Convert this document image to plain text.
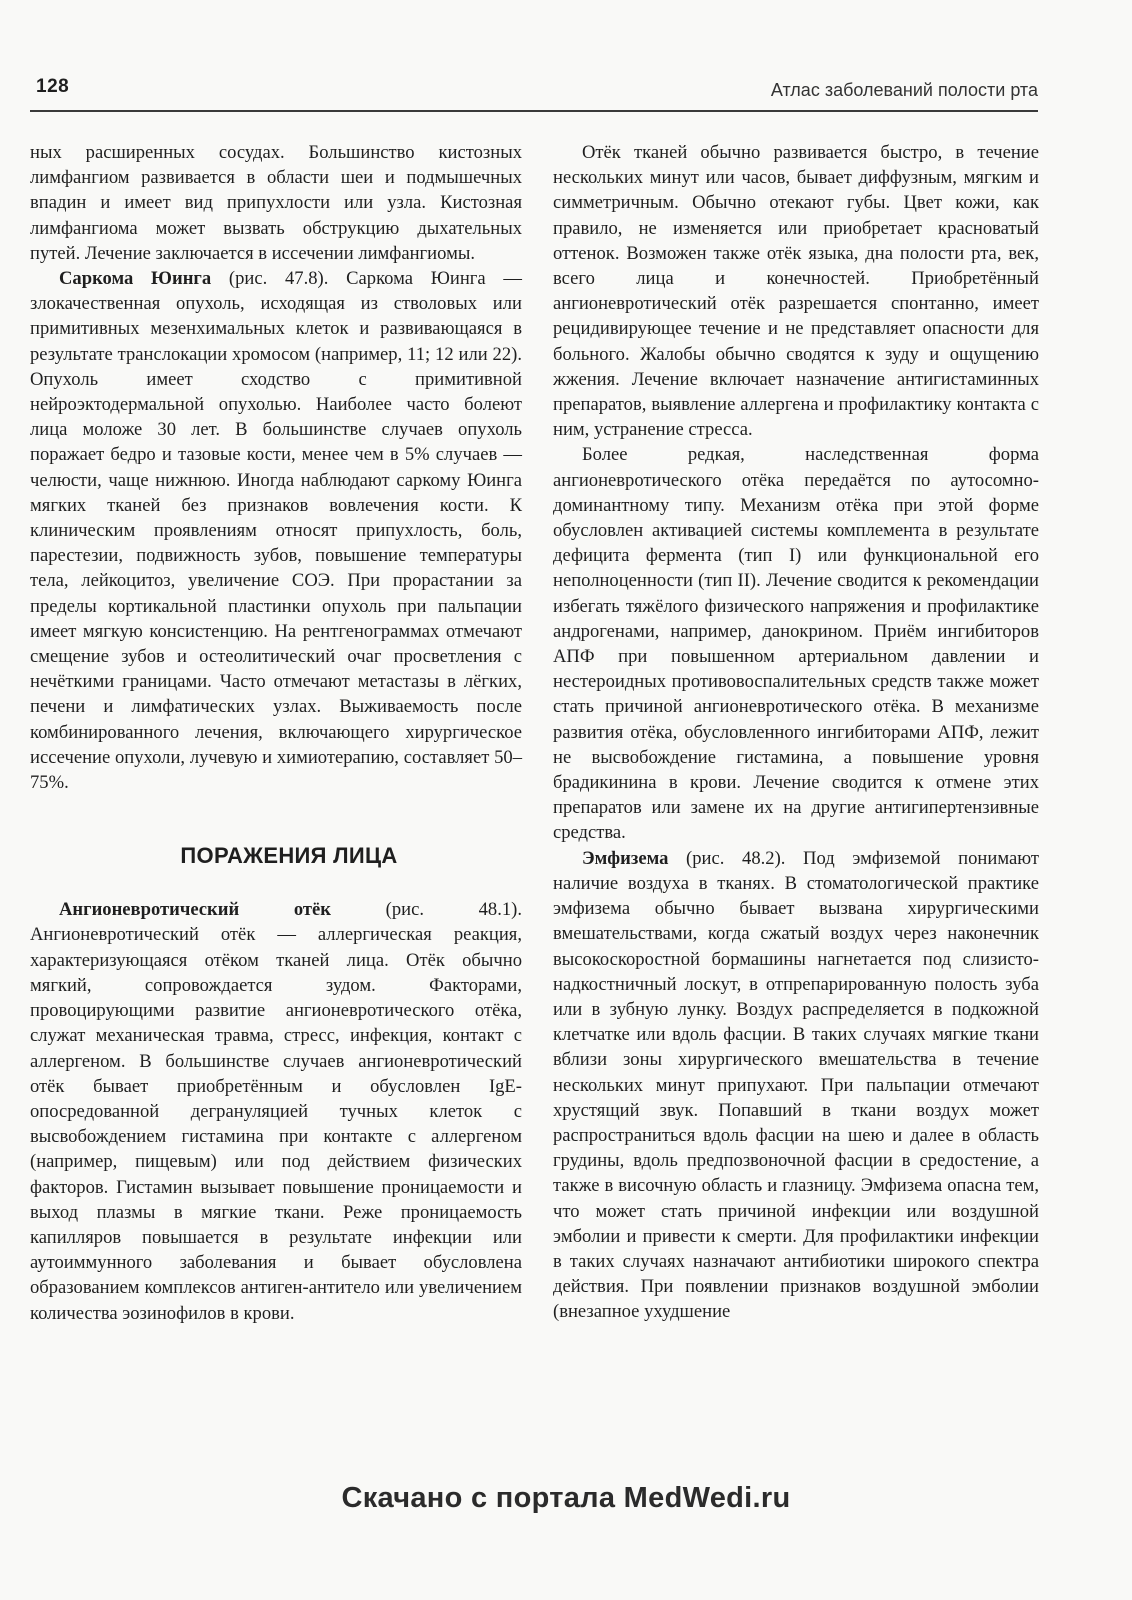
128	Атлас заболеваний полости рта

ных расширенных сосудах. Большинство кистозных лимфангиом развивается в области шеи и подмышечных впадин и имеет вид припухлости или узла. Кистозная лимфангиома может вызвать обструкцию дыхательных путей. Лечение заключается в иссечении лимфангиомы.

Саркома Юинга (рис. 47.8). Саркома Юинга — злокачественная опухоль, исходящая из стволовых или примитивных мезенхимальных клеток и развивающаяся в результате транслокации хромосом (например, 11; 12 или 22). Опухоль имеет сходство с примитивной нейроэктодермальной опухолью. Наиболее часто болеют лица моложе 30 лет. В большинстве случаев опухоль поражает бедро и тазовые кости, менее чем в 5% случаев — челюсти, чаще нижнюю. Иногда наблюдают саркому Юинга мягких тканей без признаков вовлечения кости. К клиническим проявлениям относят припухлость, боль, парестезии, подвижность зубов, повышение температуры тела, лейкоцитоз, увеличение СОЭ. При прорастании за пределы кортикальной пластинки опухоль при пальпации имеет мягкую консистенцию. На рентгенограммах отмечают смещение зубов и остеолитический очаг просветления с нечёткими границами. Часто отмечают метастазы в лёгких, печени и лимфатических узлах. Выживаемость после комбинированного лечения, включающего хирургическое иссечение опухоли, лучевую и химиотерапию, составляет 50–75%.

ПОРАЖЕНИЯ ЛИЦА

Ангионевротический отёк (рис. 48.1). Ангионевротический отёк — аллергическая реакция, характеризующаяся отёком тканей лица. Отёк обычно мягкий, сопровождается зудом. Факторами, провоцирующими развитие ангионевротического отёка, служат механическая травма, стресс, инфекция, контакт с аллергеном. В большинстве случаев ангионевротический отёк бывает приобретённым и обусловлен IgE-опосредованной дегрануляцией тучных клеток с высвобождением гистамина при контакте с аллергеном (например, пищевым) или под действием физических факторов. Гистамин вызывает повышение проницаемости и выход плазмы в мягкие ткани. Реже проницаемость капилляров повышается в результате инфекции или аутоиммунного заболевания и бывает обусловлена образованием комплексов антиген-антитело или увеличением количества эозинофилов в крови.

Отёк тканей обычно развивается быстро, в течение нескольких минут или часов, бывает диффузным, мягким и симметричным. Обычно отекают губы. Цвет кожи, как правило, не изменяется или приобретает красноватый оттенок. Возможен также отёк языка, дна полости рта, век, всего лица и конечностей. Приобретённый ангионевротический отёк разрешается спонтанно, имеет рецидивирующее течение и не представляет опасности для больного. Жалобы обычно сводятся к зуду и ощущению жжения. Лечение включает назначение антигистаминных препаратов, выявление аллергена и профилактику контакта с ним, устранение стресса.

Более редкая, наследственная форма ангионевротического отёка передаётся по аутосомно-доминантному типу. Механизм отёка при этой форме обусловлен активацией системы комплемента в результате дефицита фермента (тип I) или функциональной его неполноценности (тип II). Лечение сводится к рекомендации избегать тяжёлого физического напряжения и профилактике андрогенами, например, данокрином. Приём ингибиторов АПФ при повышенном артериальном давлении и нестероидных противовоспалительных средств также может стать причиной ангионевротического отёка. В механизме развития отёка, обусловленного ингибиторами АПФ, лежит не высвобождение гистамина, а повышение уровня брадикинина в крови. Лечение сводится к отмене этих препаратов или замене их на другие антигипертензивные средства.

Эмфизема (рис. 48.2). Под эмфиземой понимают наличие воздуха в тканях. В стоматологической практике эмфизема обычно бывает вызвана хирургическими вмешательствами, когда сжатый воздух через наконечник высокоскоростной бормашины нагнетается под слизисто-надкостничный лоскут, в отпрепарированную полость зуба или в зубную лунку. Воздух распределяется в подкожной клетчатке или вдоль фасции. В таких случаях мягкие ткани вблизи зоны хирургического вмешательства в течение нескольких минут припухают. При пальпации отмечают хрустящий звук. Попавший в ткани воздух может распространиться вдоль фасции на шею и далее в область грудины, вдоль предпозвоночной фасции в средостение, а также в височную область и глазницу. Эмфизема опасна тем, что может стать причиной инфекции или воздушной эмболии и привести к смерти. Для профилактики инфекции в таких случаях назначают антибиотики широкого спектра действия. При появлении признаков воздушной эмболии (внезапное ухудшение

Скачано с портала MedWedi.ru
